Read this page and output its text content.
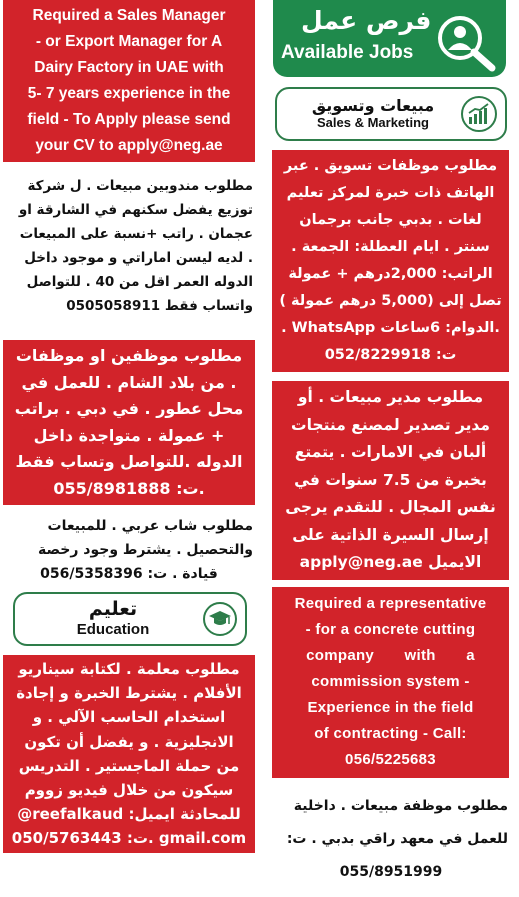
Required a Sales Manager
- or Export Manager for A
Dairy Factory in UAE with
5- 7 years experience in the
field - To Apply please send
your CV to apply@neg.ae
مطلوب مندوبين مبيعات . ل شركة
توزيع يفضل سكنهم في الشارقة او
عجمان . راتب +نسبة على المبيعات
. لديه ليسن اماراتي و موجود داخل
الدوله العمر اقل من 40 . للتواصل
واتساب فقط 0505058911
مطلوب موظفين او موظفات
. من بلاد الشام . للعمل في
محل عطور . في دبي . براتب
+ عمولة . متواجدة داخل
الدوله .للتواصل وتساب فقط
.ت: 055/8981888
مطلوب شاب عربي . للمبيعات
والتحصيل . يشترط وجود رخصة
قيادة . ت: 056/5358396
تعليم
Education
مطلوب معلمة . لكتابة سيناريو
الأفلام . يشترط الخبرة و إجادة
استخدام الحاسب الآلي . و
الانجليزية . و يفضل أن تكون
من حملة الماجستير . التدريس
سيكون من خلال فيديو زووم
للمحادثة ايميل: reefalkaud@
gmail.com .ت: 050/5763443
فرص عمل
Available Jobs
مبيعات وتسويق
Sales & Marketing
مطلوب موظفات تسويق . عبر
الهاتف ذات خبرة لمركز تعليم
لغات . بدبي جانب برجمان
سنتر . ايام العطلة: الجمعة .
الراتب: 2,000درهم + عمولة
تصل إلى (5,000 درهم عمولة )
.الدوام: 6ساعات WhatsApp .
ت: 052/8229918
مطلوب مدير مبيعات . أو
مدير تصدير لمصنع منتجات
ألبان في الامارات . يتمتع
بخبرة من 7.5 سنوات في
نفس المجال . للتقدم يرجى
إرسال السيرة الذاتية على
الايميل apply@neg.ae
Required a representative
- for a concrete cutting
company with a
commission system -
Experience in the field
of contracting - Call:
056/5225683
مطلوب موظفة مبيعات . داخلية
للعمل في معهد راقي بدبي . ت:
055/8951999
